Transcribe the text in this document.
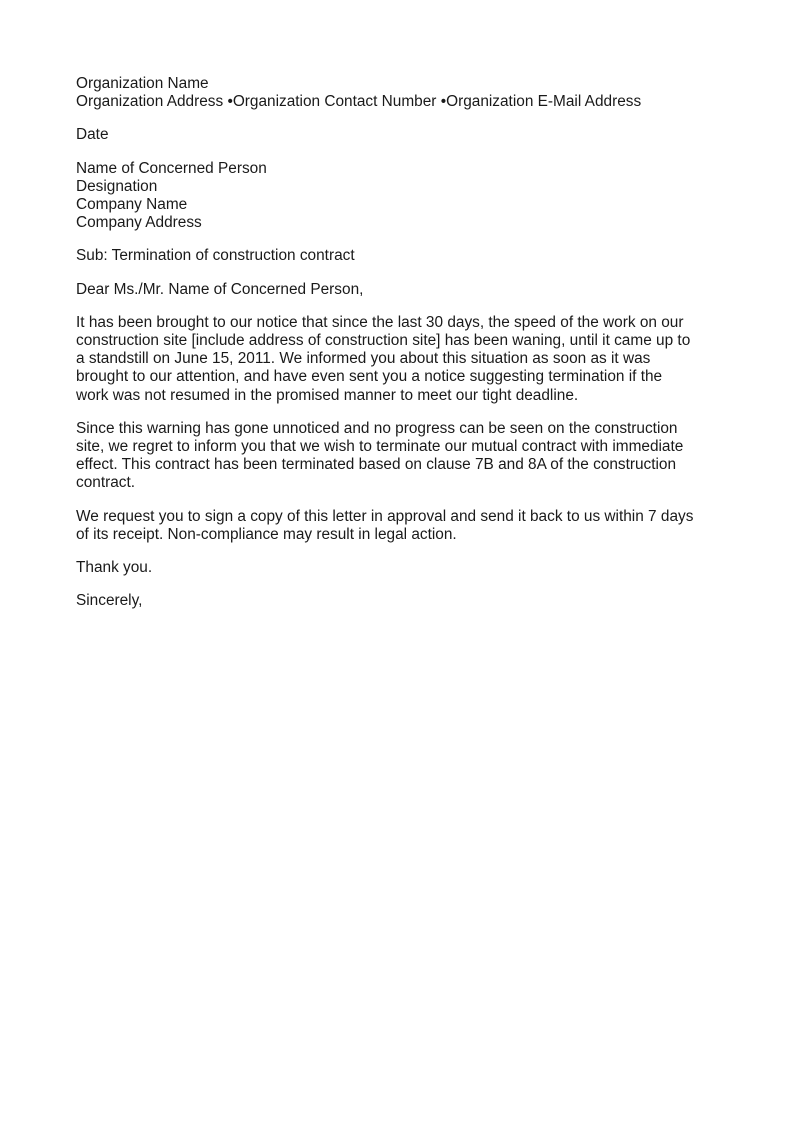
Organization Name
Organization Address •Organization Contact Number •Organization E-Mail Address
Date
Name of Concerned Person
Designation
Company Name
Company Address
Sub: Termination of construction contract
Dear Ms./Mr. Name of Concerned Person,
It has been brought to our notice that since the last 30 days, the speed of the work on our
construction site [include address of construction site] has been waning, until it came up to
a standstill on June 15, 2011. We informed you about this situation as soon as it was
brought to our attention, and have even sent you a notice suggesting termination if the
work was not resumed in the promised manner to meet our tight deadline.
Since this warning has gone unnoticed and no progress can be seen on the construction
site, we regret to inform you that we wish to terminate our mutual contract with immediate
effect. This contract has been terminated based on clause 7B and 8A of the construction
contract.
We request you to sign a copy of this letter in approval and send it back to us within 7 days
of its receipt. Non-compliance may result in legal action.
Thank you.
Sincerely,
